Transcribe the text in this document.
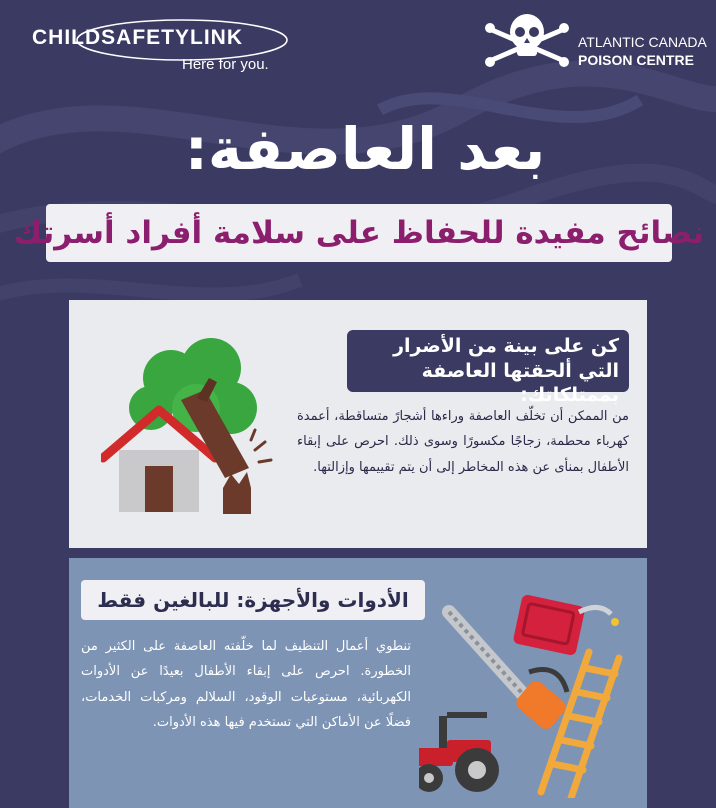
CHILDSAFETYLINK
Here for you.
ATLANTIC CANADA
POISON CENTRE
بعد العاصفة:
نصائح مفيدة للحفاظ على سلامة أفراد أسرتك
كن على بينة من الأضرار التي ألحقتها العاصفة بممتلكاتك:

من الممكن أن تخلّف العاصفة وراءها أشجارً متساقطة، أعمدة كهرباء محطمة، زجاجًا مكسورًا وسوى ذلك. احرص على إبقاء الأطفال بمنأى عن هذه المخاطر إلى أن يتم تقييمها وإزالتها.

الأدوات والأجهزة: للبالغين فقط

تنطوي أعمال التنظيف لما خلّفته العاصفة على الكثير من الخطورة. احرص على إبقاء الأطفال بعيدًا عن الأدوات الكهربائية، مستوعبات الوقود، السلالم ومركبات الخدمات، فضلًا عن الأماكن التي تستخدم فيها هذه الأدوات.
